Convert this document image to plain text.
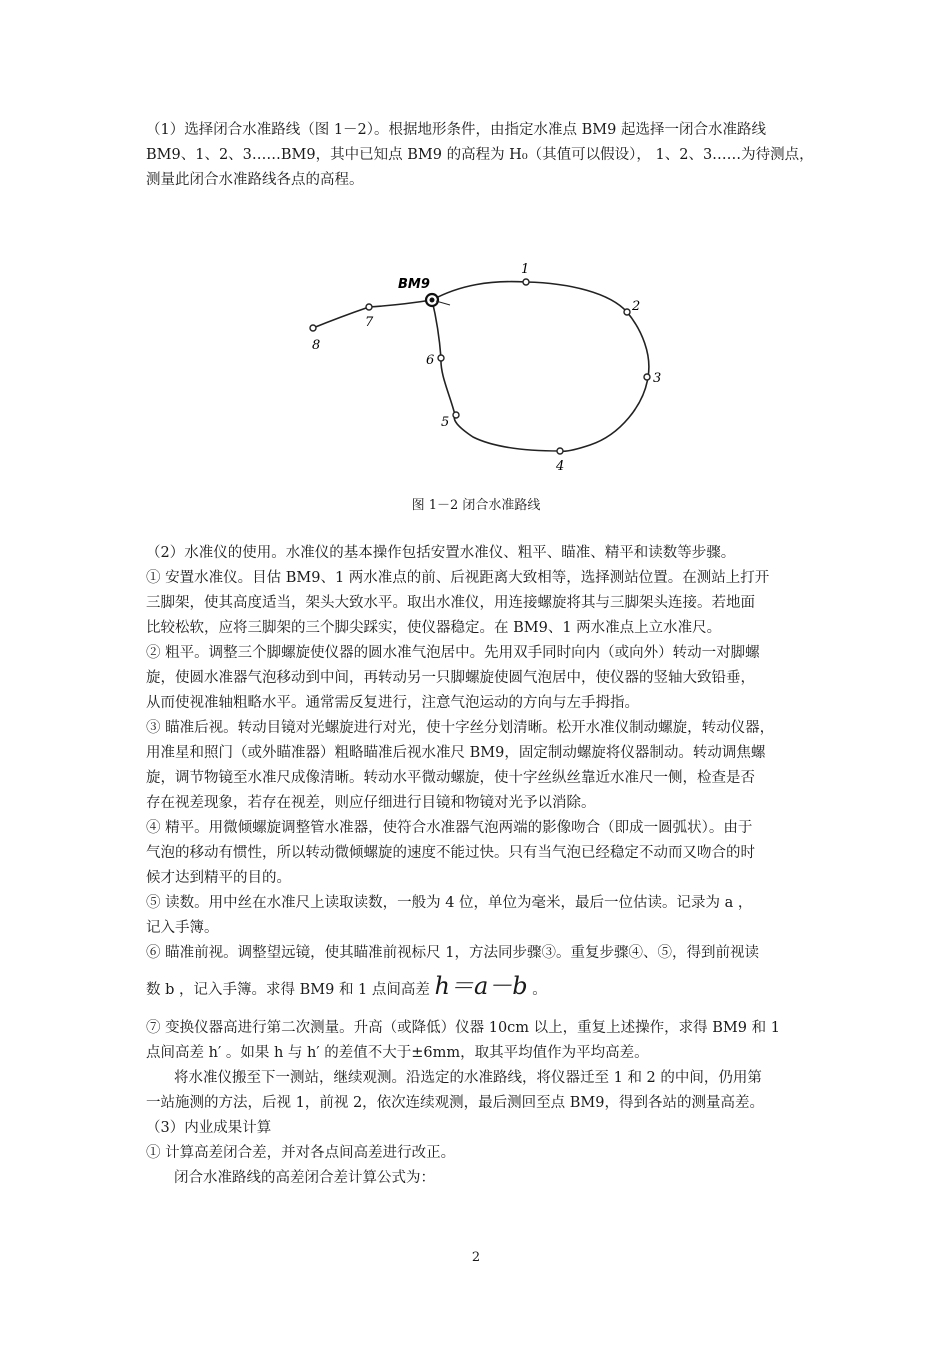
（1）选择闭合水准路线（图 1－2）。根据地形条件，由指定水准点 BM9 起选择一闭合水准路线

BM9、1、2、3……BM9，其中已知点 BM9 的高程为 H₀（其值可以假设）， 1、2、3……为待测点，

测量此闭合水准路线各点的高程。

BM9
1
2
3
4
5
6
7
8
图 1－2 闭合水准路线

（2）水准仪的使用。水准仪的基本操作包括安置水准仪、粗平、瞄准、精平和读数等步骤。

① 安置水准仪。目估 BM9、1 两水准点的前、后视距离大致相等，选择测站位置。在测站上打开

三脚架，使其高度适当，架头大致水平。取出水准仪，用连接螺旋将其与三脚架头连接。若地面

比较松软，应将三脚架的三个脚尖踩实，使仪器稳定。在 BM9、1 两水准点上立水准尺。

② 粗平。调整三个脚螺旋使仪器的圆水准气泡居中。先用双手同时向内（或向外）转动一对脚螺

旋，使圆水准器气泡移动到中间，再转动另一只脚螺旋使圆气泡居中，使仪器的竖轴大致铅垂，

从而使视准轴粗略水平。通常需反复进行，注意气泡运动的方向与左手拇指。

③ 瞄准后视。转动目镜对光螺旋进行对光，使十字丝分划清晰。松开水准仪制动螺旋，转动仪器，

用准星和照门（或外瞄准器）粗略瞄准后视水准尺 BM9，固定制动螺旋将仪器制动。转动调焦螺

旋，调节物镜至水准尺成像清晰。转动水平微动螺旋，使十字丝纵丝靠近水准尺一侧，检查是否

存在视差现象，若存在视差，则应仔细进行目镜和物镜对光予以消除。

④ 精平。用微倾螺旋调整管水准器，使符合水准器气泡两端的影像吻合（即成一圆弧状）。由于

气泡的移动有惯性，所以转动微倾螺旋的速度不能过快。只有当气泡已经稳定不动而又吻合的时

候才达到精平的目的。

⑤ 读数。用中丝在水准尺上读取读数，一般为 4 位，单位为毫米，最后一位估读。记录为 a ，

记入手簿。

⑥ 瞄准前视。调整望远镜，使其瞄准前视标尺 1，方法同步骤③。重复步骤④、⑤，得到前视读

数 b ，记入手簿。求得 BM9 和 1 点间高差 h＝a－b 。

⑦ 变换仪器高进行第二次测量。升高（或降低）仪器 10cm 以上，重复上述操作，求得 BM9 和 1

点间高差 h′ 。如果 h 与 h′ 的差值不大于±6mm，取其平均值作为平均高差。

将水准仪搬至下一测站，继续观测。沿选定的水准路线，将仪器迁至 1 和 2 的中间，仍用第

一站施测的方法，后视 1，前视 2，依次连续观测，最后测回至点 BM9，得到各站的测量高差。

（3）内业成果计算

① 计算高差闭合差，并对各点间高差进行改正。

闭合水准路线的高差闭合差计算公式为：

2
